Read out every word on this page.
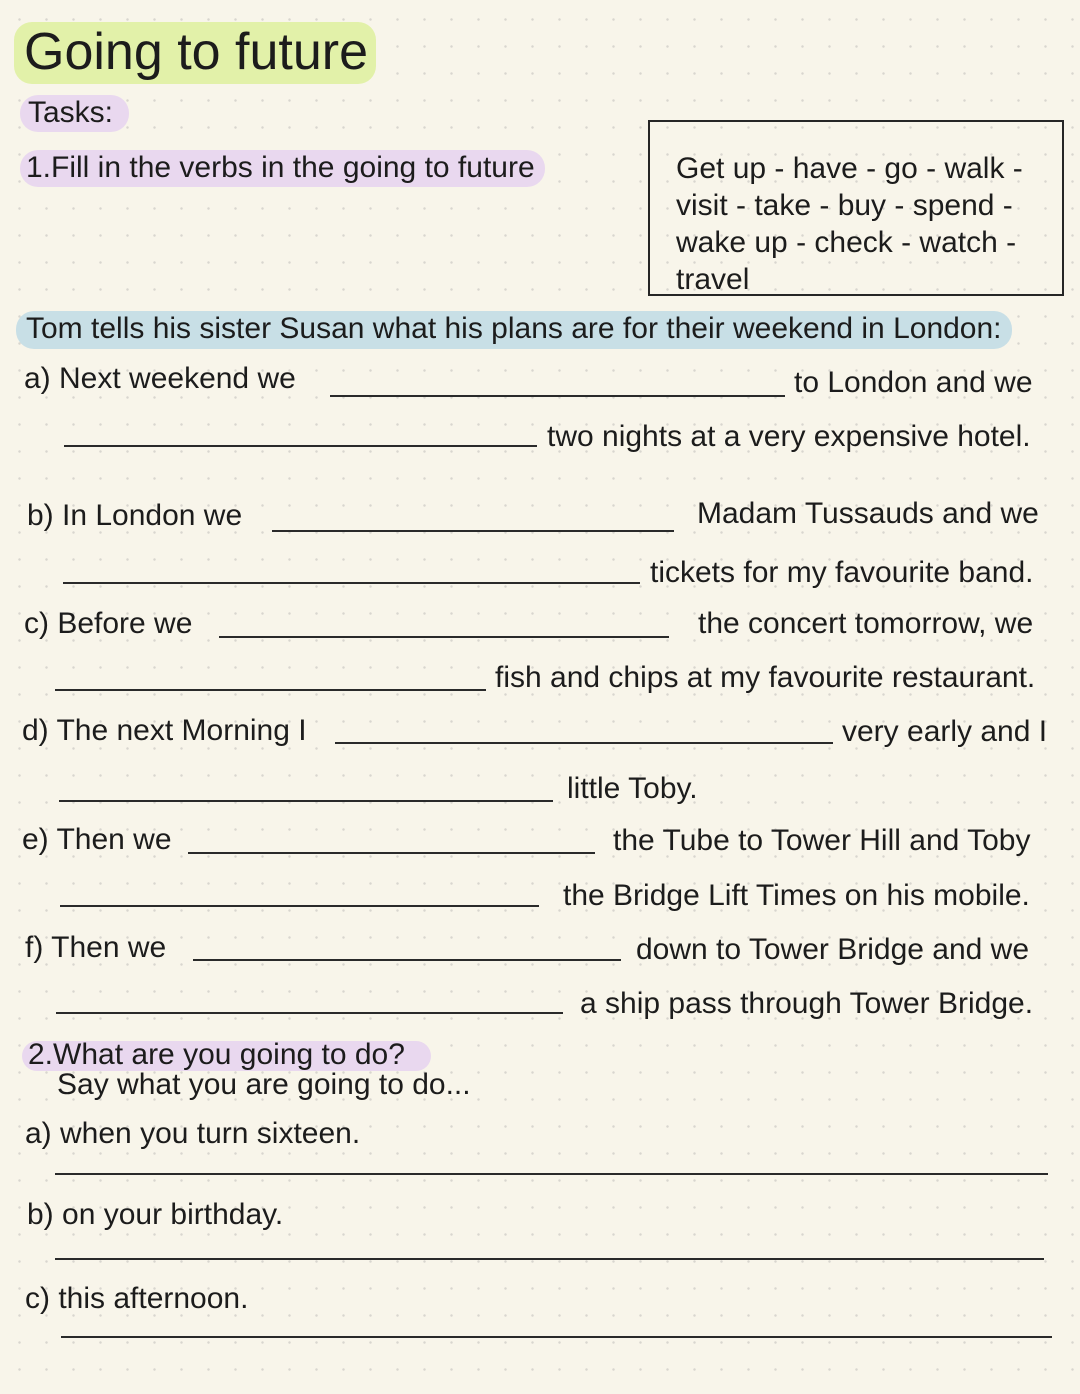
Going to future
Tasks:
1.Fill in the verbs in the going to future	Get up - have - go - walk -
visit - take - buy - spend -
wake up - check - watch -
travel
Tom tells his sister Susan what his plans are for their weekend in London:
a) Next weekend we	to London and we
two nights at a very expensive hotel.
b) In London we	Madam Tussauds and we
tickets for my favourite band.
c) Before we	the concert tomorrow, we
fish and chips at my favourite restaurant.
d) The next Morning I	very early and I
little Toby.
e) Then we	the Tube to Tower Hill and Toby
the Bridge Lift Times on his mobile.
f) Then we	down to Tower Bridge and we
a ship pass through Tower Bridge.
2.What are you going to do?
Say what you are going to do...
a) when you turn sixteen.
b) on your birthday.
c) this afternoon.
